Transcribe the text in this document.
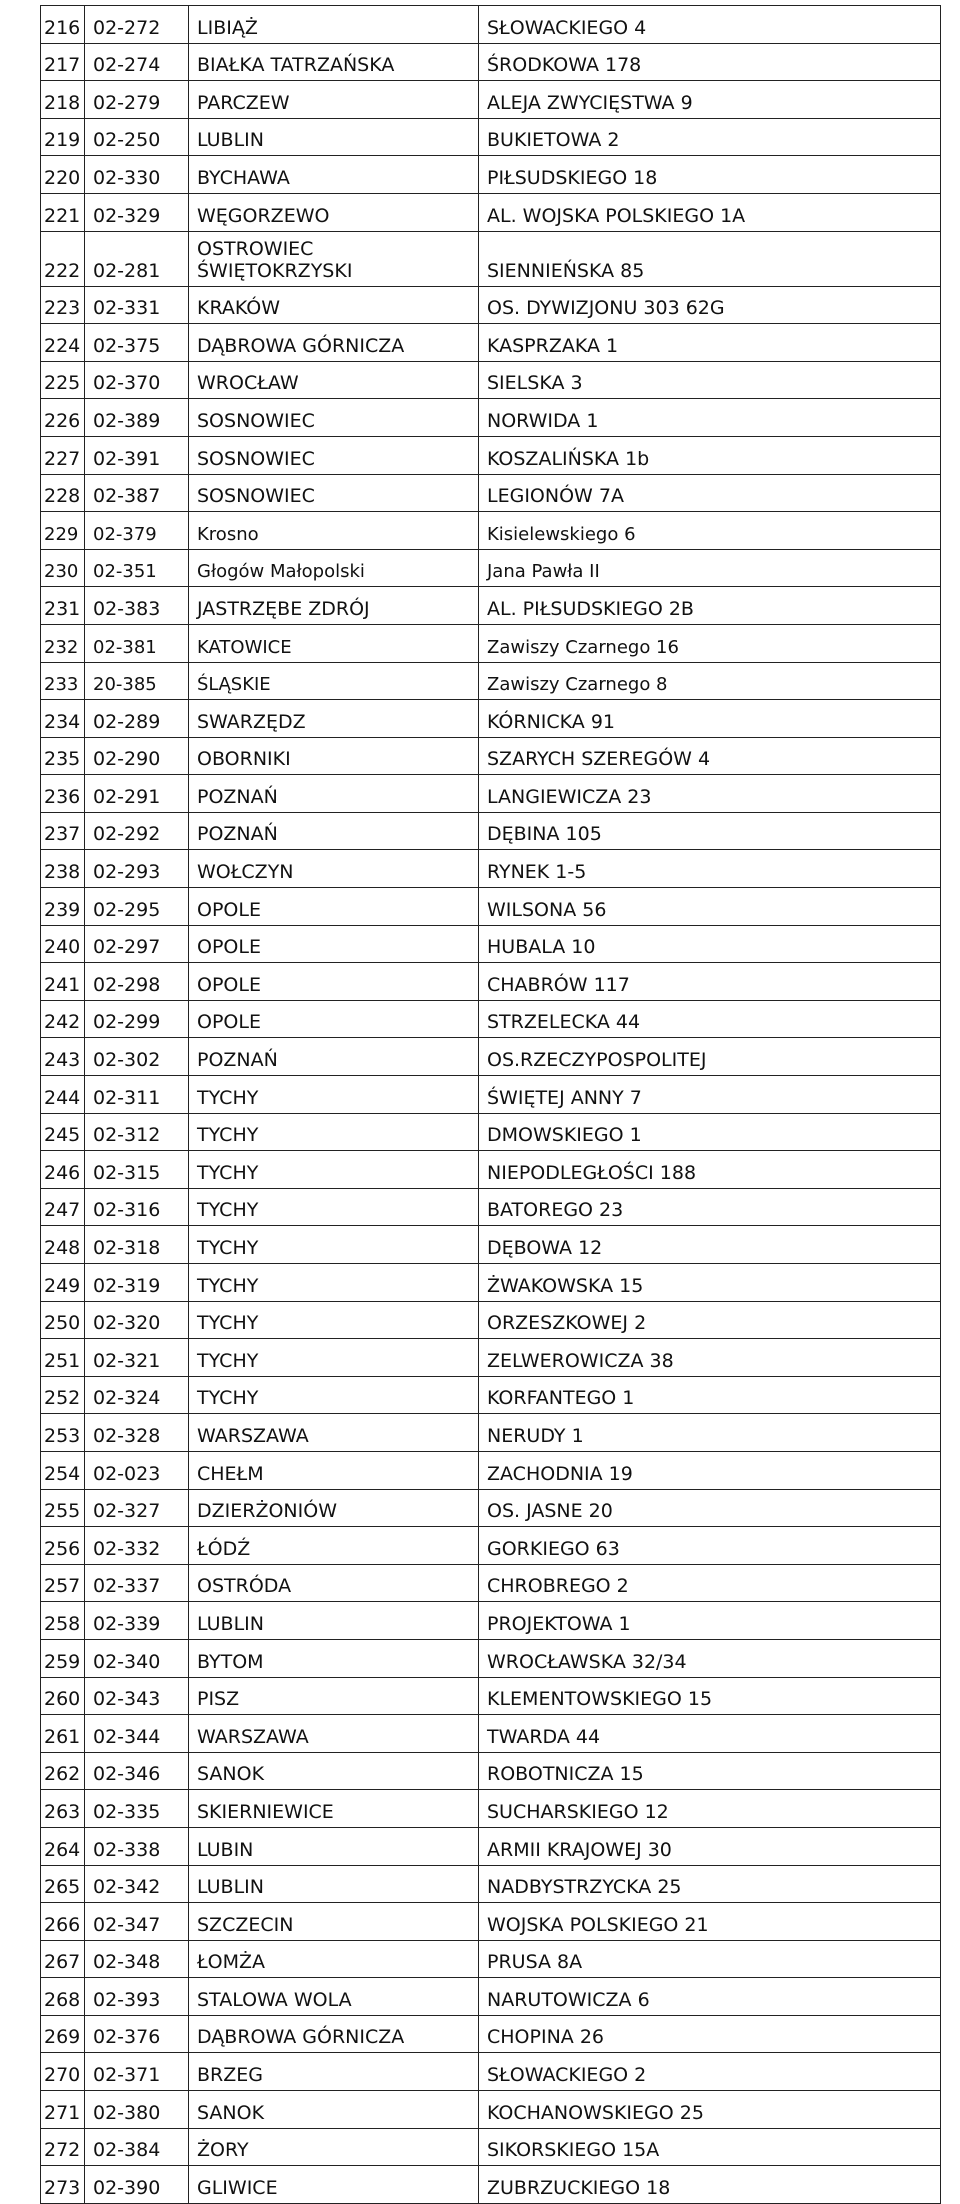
216	02-272	LIBIĄŻ	SŁOWACKIEGO 4
217	02-274	BIAŁKA TATRZAŃSKA	ŚRODKOWA 178
218	02-279	PARCZEW	ALEJA ZWYCIĘSTWA 9
219	02-250	LUBLIN	BUKIETOWA 2
220	02-330	BYCHAWA	PIŁSUDSKIEGO 18
221	02-329	WĘGORZEWO	AL. WOJSKA POLSKIEGO 1A
222	02-281	OSTROWIEC ŚWIĘTOKRZYSKI	SIENNIEŃSKA 85
223	02-331	KRAKÓW	OS. DYWIZJONU 303 62G
224	02-375	DĄBROWA GÓRNICZA	KASPRZAKA 1
225	02-370	WROCŁAW	SIELSKA 3
226	02-389	SOSNOWIEC	NORWIDA 1
227	02-391	SOSNOWIEC	KOSZALIŃSKA 1b
228	02-387	SOSNOWIEC	LEGIONÓW 7A
229	02-379	Krosno	Kisielewskiego 6
230	02-351	Głogów Małopolski	Jana Pawła II
231	02-383	JASTRZĘBE ZDRÓJ	AL. PIŁSUDSKIEGO 2B
232	02-381	KATOWICE	Zawiszy Czarnego 16
233	20-385	ŚLĄSKIE	Zawiszy Czarnego 8
234	02-289	SWARZĘDZ	KÓRNICKA 91
235	02-290	OBORNIKI	SZARYCH SZEREGÓW 4
236	02-291	POZNAŃ	LANGIEWICZA 23
237	02-292	POZNAŃ	DĘBINA 105
238	02-293	WOŁCZYN	RYNEK 1-5
239	02-295	OPOLE	WILSONA 56
240	02-297	OPOLE	HUBALA 10
241	02-298	OPOLE	CHABRÓW 117
242	02-299	OPOLE	STRZELECKA 44
243	02-302	POZNAŃ	OS.RZECZYPOSPOLITEJ
244	02-311	TYCHY	ŚWIĘTEJ ANNY 7
245	02-312	TYCHY	DMOWSKIEGO 1
246	02-315	TYCHY	NIEPODLEGŁOŚCI 188
247	02-316	TYCHY	BATOREGO 23
248	02-318	TYCHY	DĘBOWA 12
249	02-319	TYCHY	ŻWAKOWSKA 15
250	02-320	TYCHY	ORZESZKOWEJ 2
251	02-321	TYCHY	ZELWEROWICZA 38
252	02-324	TYCHY	KORFANTEGO 1
253	02-328	WARSZAWA	NERUDY 1
254	02-023	CHEŁM	ZACHODNIA 19
255	02-327	DZIERŻONIÓW	OS. JASNE 20
256	02-332	ŁÓDŹ	GORKIEGO 63
257	02-337	OSTRÓDA	CHROBREGO 2
258	02-339	LUBLIN	PROJEKTOWA 1
259	02-340	BYTOM	WROCŁAWSKA 32/34
260	02-343	PISZ	KLEMENTOWSKIEGO 15
261	02-344	WARSZAWA	TWARDA 44
262	02-346	SANOK	ROBOTNICZA 15
263	02-335	SKIERNIEWICE	SUCHARSKIEGO 12
264	02-338	LUBIN	ARMII KRAJOWEJ 30
265	02-342	LUBLIN	NADBYSTRZYCKA 25
266	02-347	SZCZECIN	WOJSKA POLSKIEGO 21
267	02-348	ŁOMŻA	PRUSA 8A
268	02-393	STALOWA WOLA	NARUTOWICZA 6
269	02-376	DĄBROWA GÓRNICZA	CHOPINA 26
270	02-371	BRZEG	SŁOWACKIEGO 2
271	02-380	SANOK	KOCHANOWSKIEGO 25
272	02-384	ŻORY	SIKORSKIEGO 15A
273	02-390	GLIWICE	ZUBRZUCKIEGO 18
